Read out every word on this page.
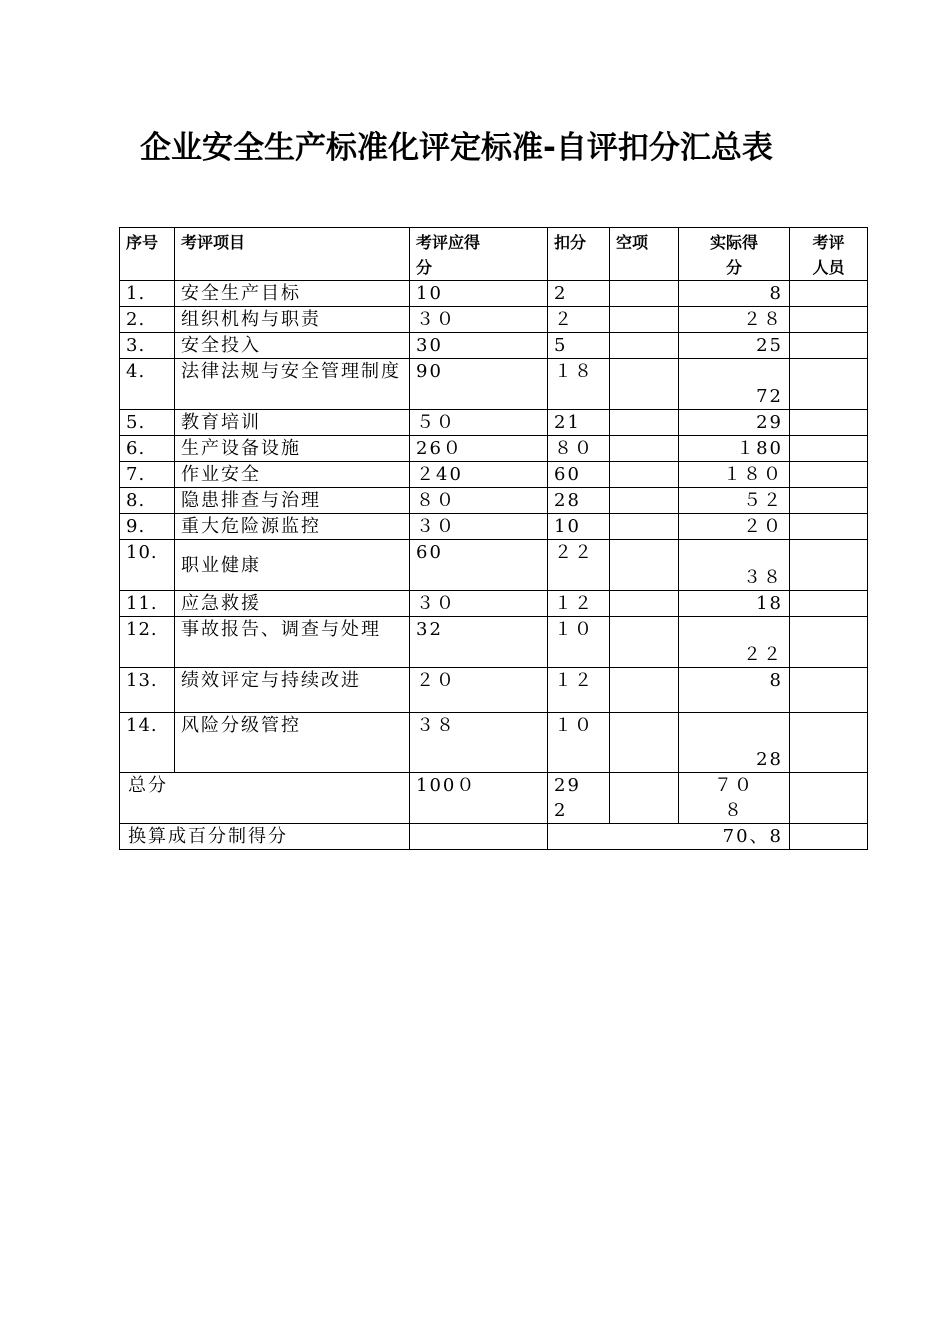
企业安全生产标准化评定标准-自评扣分汇总表
序号	考评项目	考评应得分	扣分	空项	实际得分	考评人员
1.	安全生产目标	10	2		8	
2.	组织机构与职责	３０	２		２８	
3.	安全投入	30	5		25	
4.	法律法规与安全管理制度	90	１８		72	
5.	教育培训	５０	21		29	
6.	生产设备设施	26０	８０		１80	
7.	作业安全	２40	60		１８０	
8.	隐患排查与治理	８０	28		５２	
9.	重大危险源监控	３０	10		２０	
10.	职业健康	60	２２		３８	
11.	应急救援	３０	１２		18	
12.	事故报告、调查与处理	32	１０		２２	
13.	绩效评定与持续改进	２０	１２		8	
14.	风险分级管控	３８	１０		28	
总分		100０	292		７０８	
换算成百分制得分			70、8			
